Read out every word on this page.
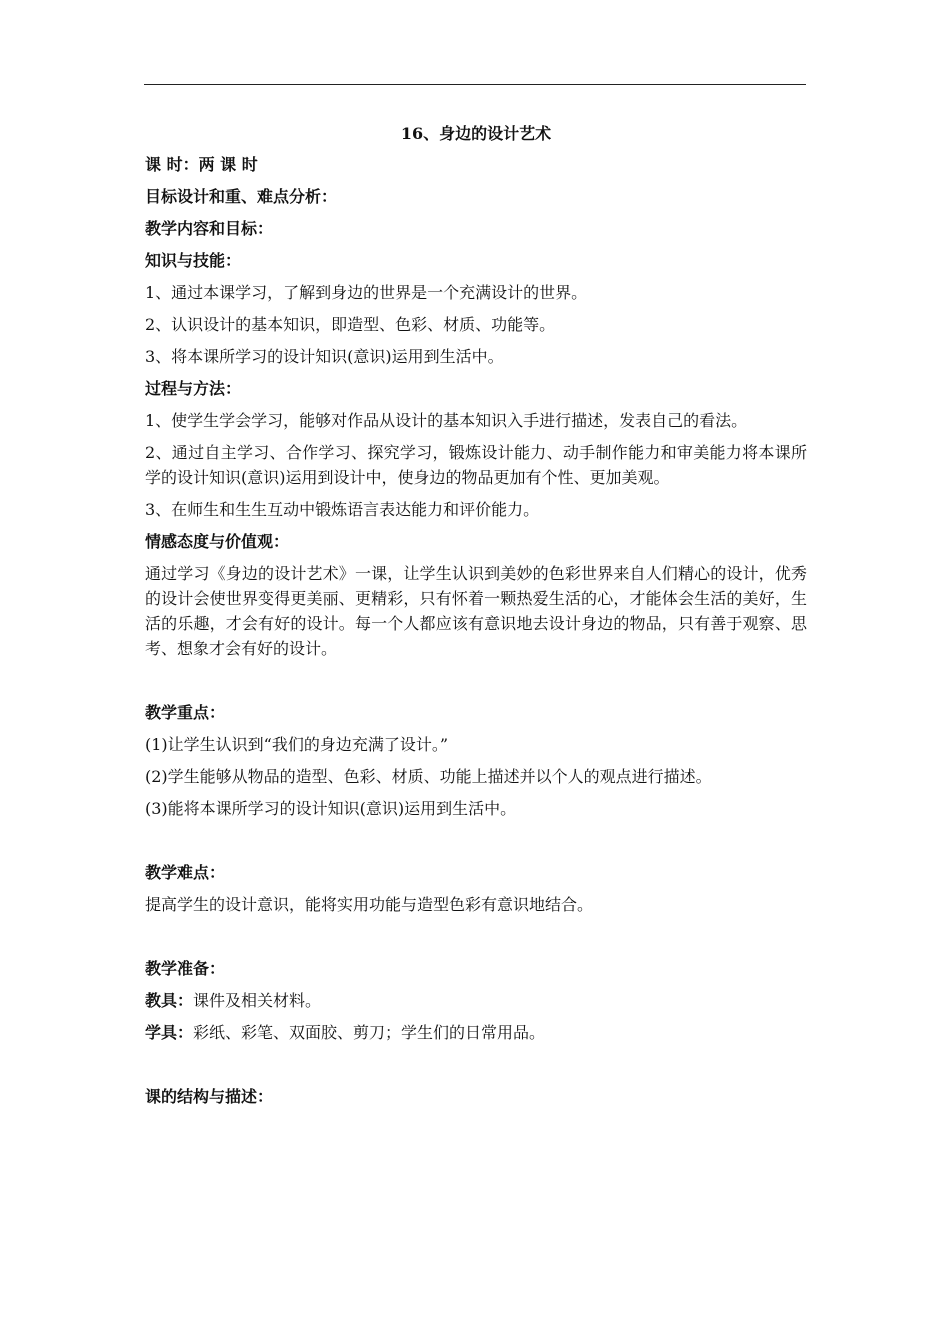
16、身边的设计艺术

课 时：两 课 时

目标设计和重、难点分析：

教学内容和目标：

知识与技能：

1、通过本课学习，了解到身边的世界是一个充满设计的世界。

2、认识设计的基本知识，即造型、色彩、材质、功能等。

3、将本课所学习的设计知识(意识)运用到生活中。

过程与方法：

1、使学生学会学习，能够对作品从设计的基本知识入手进行描述，发表自己的看法。

2、通过自主学习、合作学习、探究学习，锻炼设计能力、动手制作能力和审美能力将本课所学的设计知识(意识)运用到设计中，使身边的物品更加有个性、更加美观。

3、在师生和生生互动中锻炼语言表达能力和评价能力。

情感态度与价值观：

通过学习《身边的设计艺术》一课，让学生认识到美妙的色彩世界来自人们精心的设计，优秀的设计会使世界变得更美丽、更精彩，只有怀着一颗热爱生活的心，才能体会生活的美好，生活的乐趣，才会有好的设计。每一个人都应该有意识地去设计身边的物品，只有善于观察、思考、想象才会有好的设计。

教学重点：

(1)让学生认识到“我们的身边充满了设计。”

(2)学生能够从物品的造型、色彩、材质、功能上描述并以个人的观点进行描述。

(3)能将本课所学习的设计知识(意识)运用到生活中。

教学难点：

提高学生的设计意识，能将实用功能与造型色彩有意识地结合。

教学准备：

教具：课件及相关材料。

学具：彩纸、彩笔、双面胶、剪刀；学生们的日常用品。

课的结构与描述：
